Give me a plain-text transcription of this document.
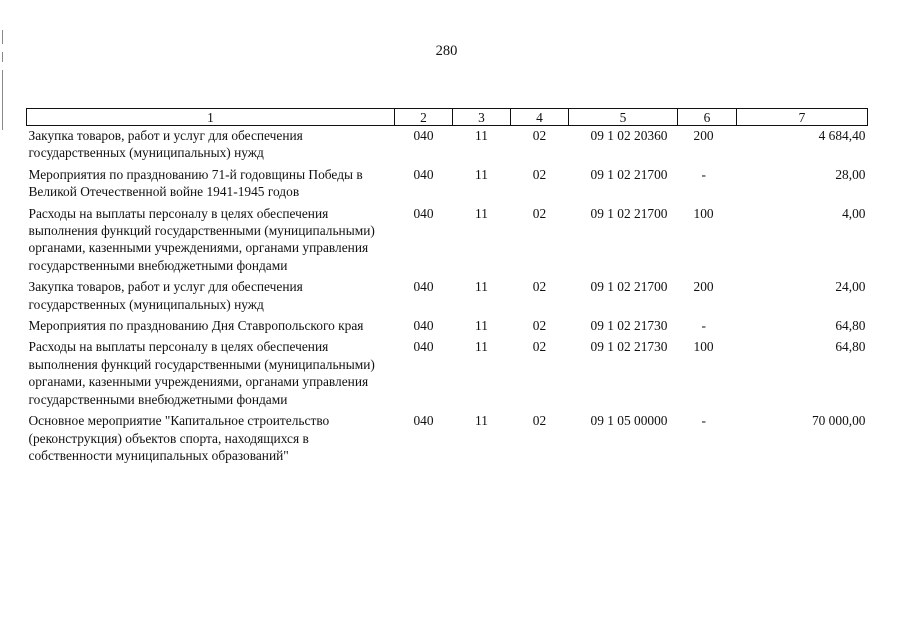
280
1	2	3	4	5	6	7
Закупка товаров, работ и услуг для обеспечения государственных (муниципальных) нужд	040	11	02	09 1 02 20360	200	4 684,40
Мероприятия по празднованию 71-й годовщины Победы в Великой Отечественной войне 1941-1945 годов	040	11	02	09 1 02 21700	-	28,00
Расходы на выплаты персоналу в целях обеспечения выполнения функций государственными (муниципальными) органами, казенными учреждениями, органами управления государственными внебюджетными фондами	040	11	02	09 1 02 21700	100	4,00
Закупка товаров, работ и услуг для обеспечения государственных (муниципальных) нужд	040	11	02	09 1 02 21700	200	24,00
Мероприятия по празднованию Дня Ставропольского края	040	11	02	09 1 02 21730	-	64,80
Расходы на выплаты персоналу в целях обеспечения выполнения функций государственными (муниципальными) органами, казенными учреждениями, органами управления государственными внебюджетными фондами	040	11	02	09 1 02 21730	100	64,80
Основное мероприятие "Капитальное строительство (реконструкция) объектов спорта, находящихся в собственности муниципальных образований"	040	11	02	09 1 05 00000	-	70 000,00
